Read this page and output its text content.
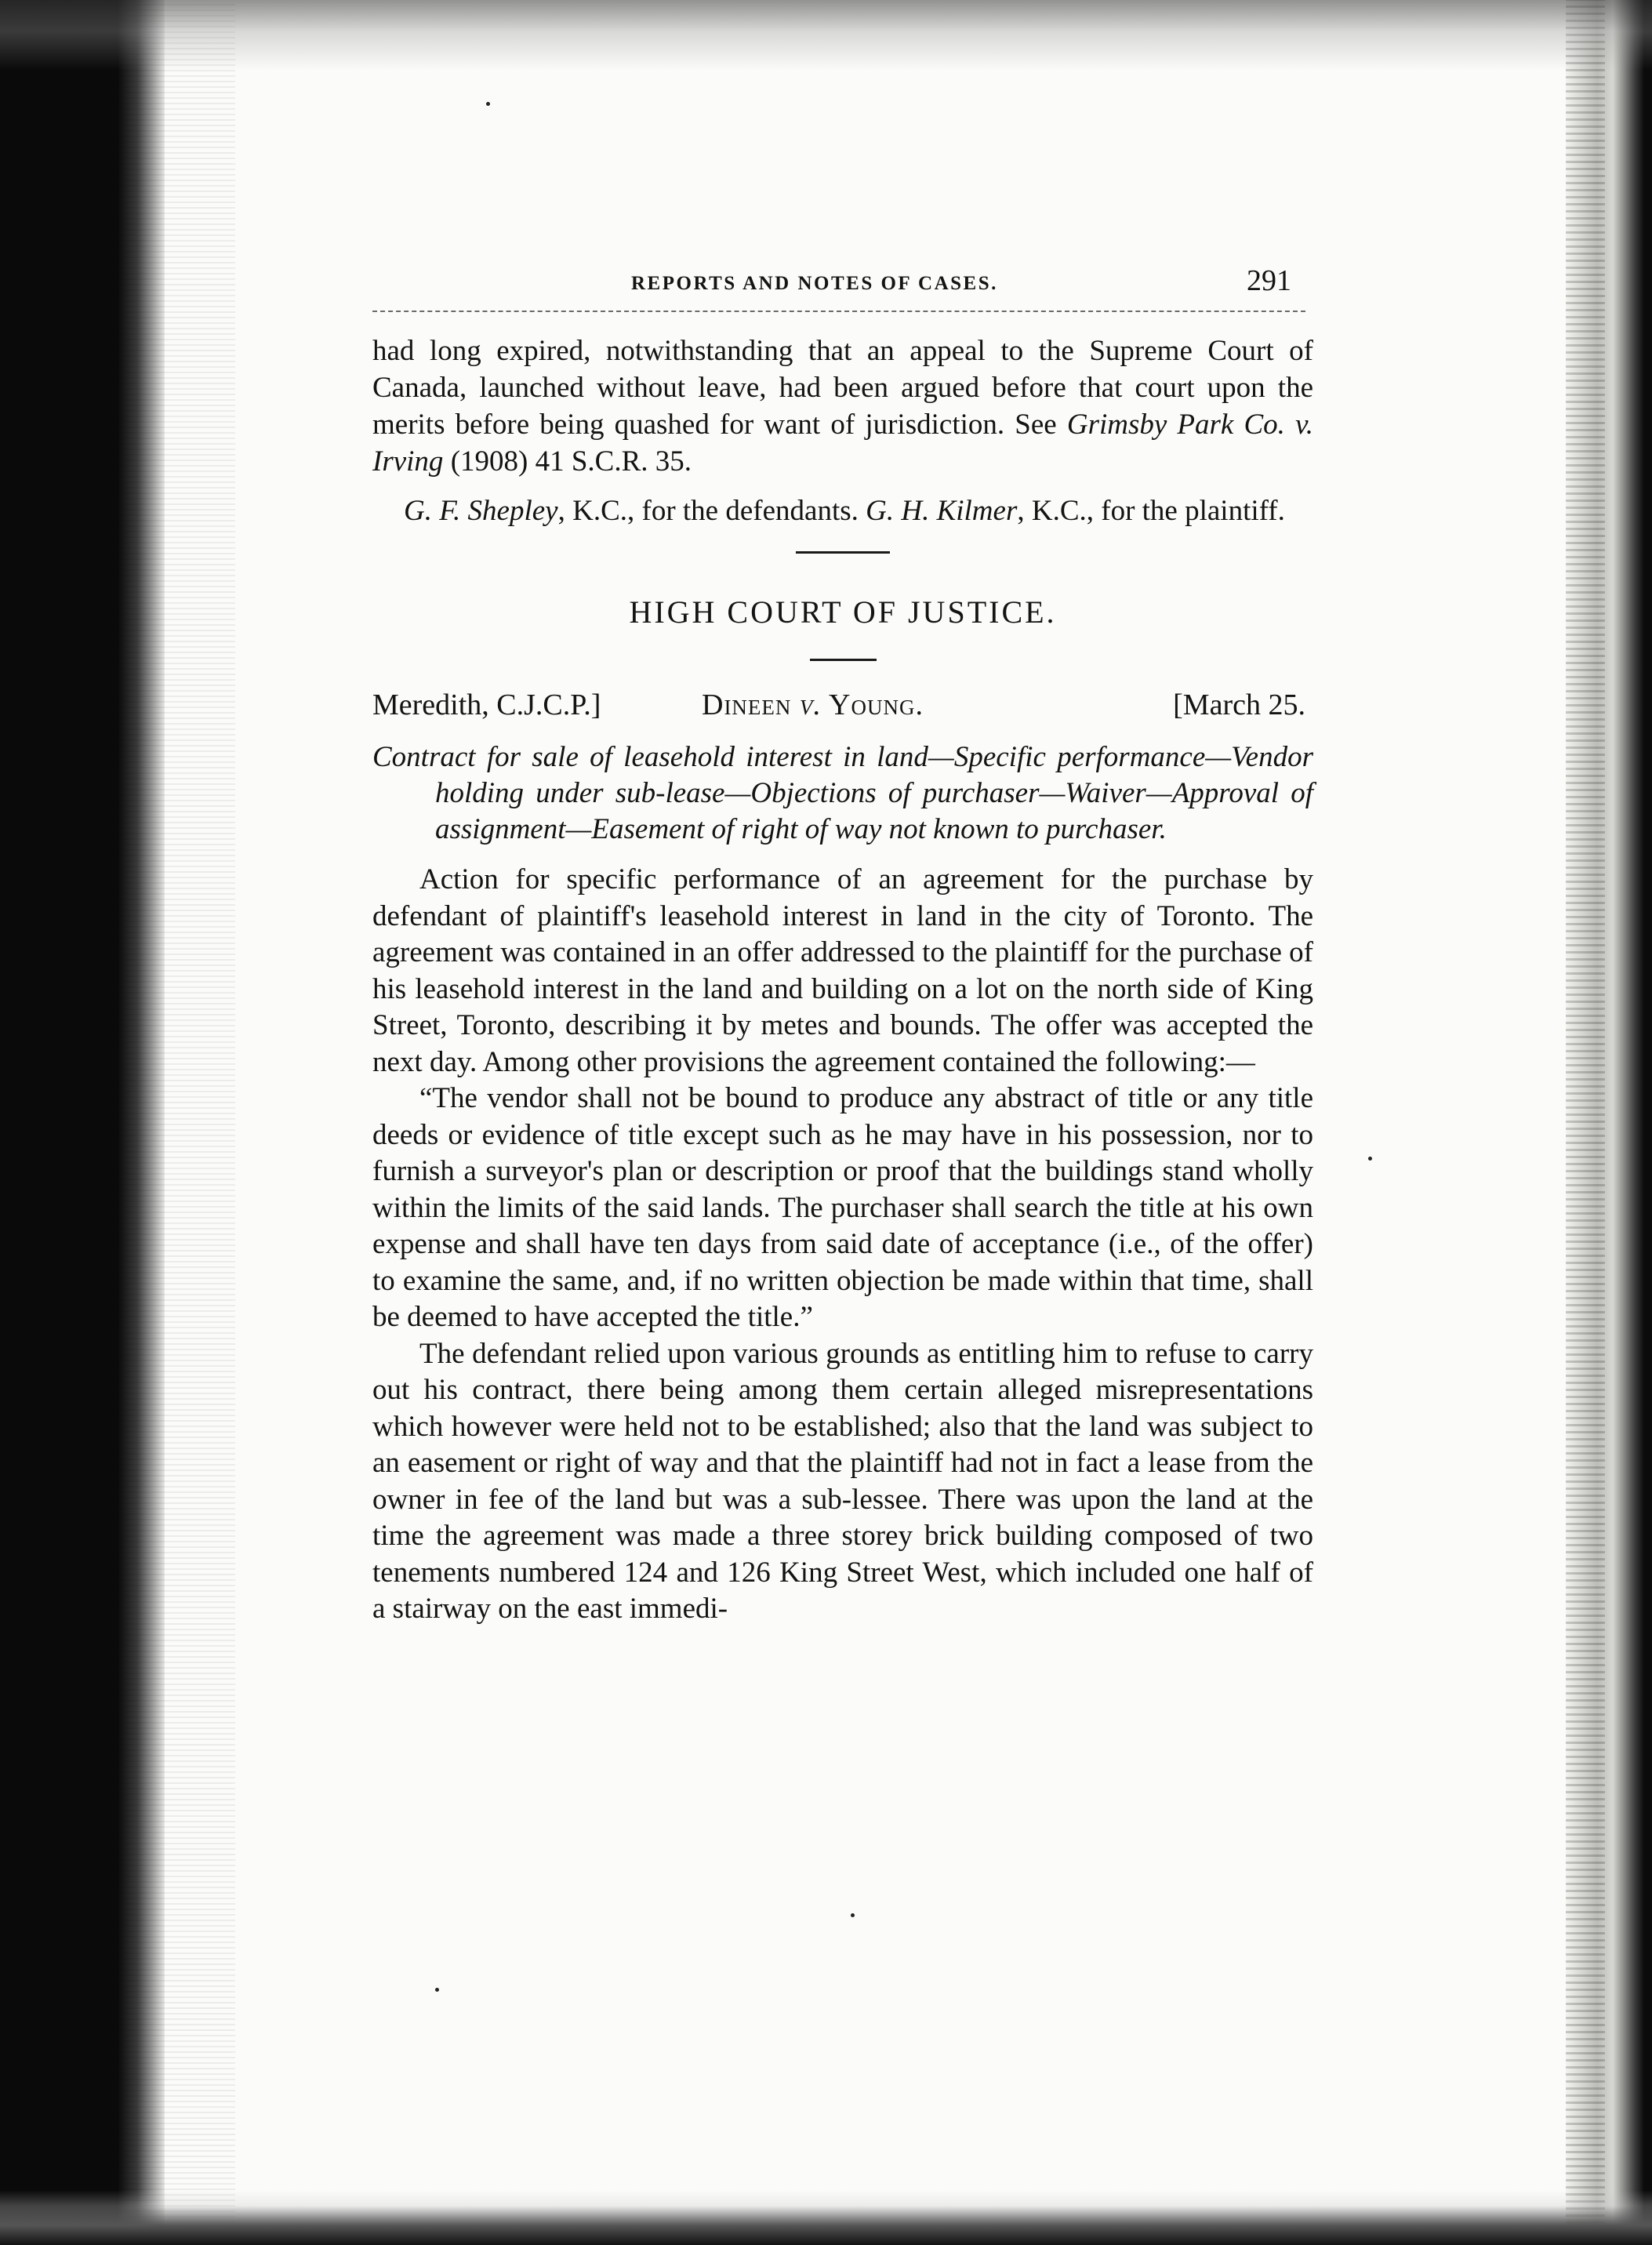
REPORTS AND NOTES OF CASES.	291

had long expired, notwithstanding that an appeal to the Supreme Court of Canada, launched without leave, had been argued before that court upon the merits before being quashed for want of jurisdiction. See Grimsby Park Co. v. Irving (1908) 41 S.C.R. 35.

G. F. Shepley, K.C., for the defendants. G. H. Kilmer, K.C., for the plaintiff.

HIGH COURT OF JUSTICE.
Meredith, C.J.C.P.]	Dineen v. Young.	[March 25.

Contract for sale of leasehold interest in land—Specific performance—Vendor holding under sub-lease—Objections of purchaser—Waiver—Approval of assignment—Easement of right of way not known to purchaser.

Action for specific performance of an agreement for the purchase by defendant of plaintiff's leasehold interest in land in the city of Toronto. The agreement was contained in an offer addressed to the plaintiff for the purchase of his leasehold interest in the land and building on a lot on the north side of King Street, Toronto, describing it by metes and bounds. The offer was accepted the next day. Among other provisions the agreement contained the following:—

“The vendor shall not be bound to produce any abstract of title or any title deeds or evidence of title except such as he may have in his possession, nor to furnish a surveyor's plan or description or proof that the buildings stand wholly within the limits of the said lands. The purchaser shall search the title at his own expense and shall have ten days from said date of acceptance (i.e., of the offer) to examine the same, and, if no written objection be made within that time, shall be deemed to have accepted the title.”

The defendant relied upon various grounds as entitling him to refuse to carry out his contract, there being among them certain alleged misrepresentations which however were held not to be established; also that the land was subject to an easement or right of way and that the plaintiff had not in fact a lease from the owner in fee of the land but was a sub-lessee. There was upon the land at the time the agreement was made a three storey brick building composed of two tenements numbered 124 and 126 King Street West, which included one half of a stairway on the east immedi-
